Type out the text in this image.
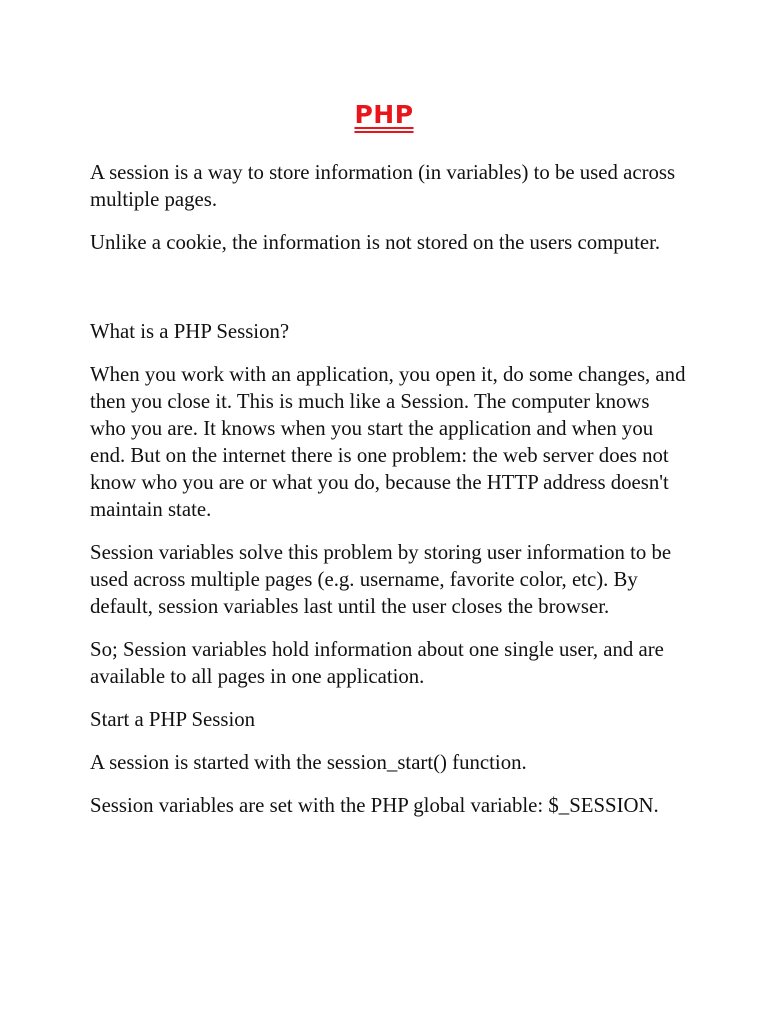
PHP

A session is a way to store information (in variables) to be used across multiple pages.

Unlike a cookie, the information is not stored on the users computer.

What is a PHP Session?

When you work with an application, you open it, do some changes, and then you close it. This is much like a Session. The computer knows who you are. It knows when you start the application and when you end. But on the internet there is one problem: the web server does not know who you are or what you do, because the HTTP address doesn't maintain state.

Session variables solve this problem by storing user information to be used across multiple pages (e.g. username, favorite color, etc). By default, session variables last until the user closes the browser.

So; Session variables hold information about one single user, and are available to all pages in one application.

Start a PHP Session

A session is started with the session_start() function.

Session variables are set with the PHP global variable: $_SESSION.
